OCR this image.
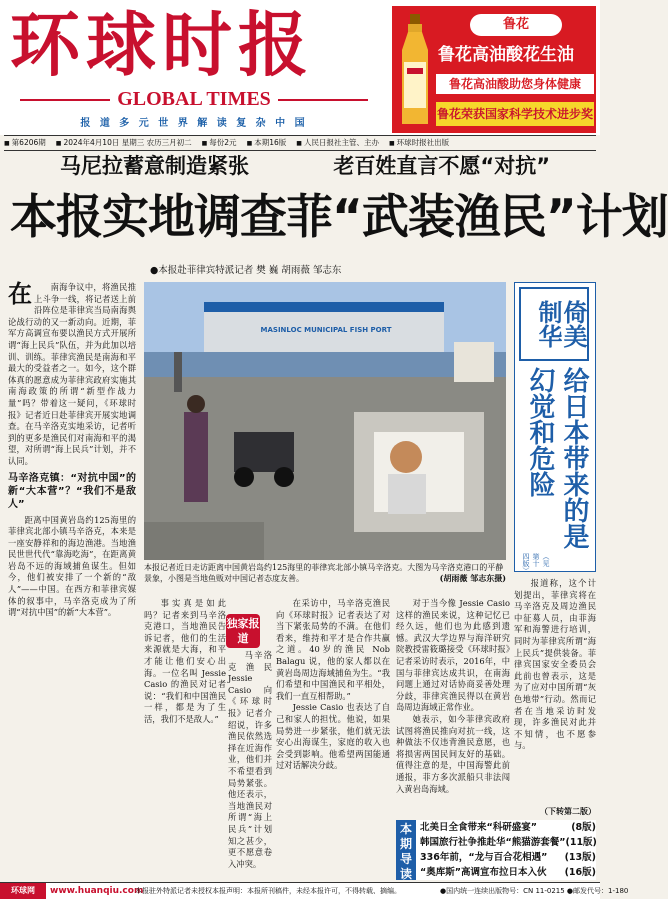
环球时报
GLOBAL TIMES
报 道 多 元 世 界 解 读 复 杂 中 国
鲁花
鲁花高油酸花生油
鲁花高油酸助您身体健康
鲁花荣获国家科学技术进步奖
■ 第6206期	■ 2024年4月10日 星期三 农历三月初二	■ 每份2元	■ 本期16版	■ 人民日报社主管、主办	■ 环球时报社出版
马尼拉蓄意制造紧张	老百姓直言不愿“对抗”
本报实地调查菲“武装渔民”计划
●本报赴菲律宾特派记者 樊 巍 胡雨薇 邹志东

在 南海争议中，将渔民推上斗争一线，将记者送上前沿阵位是菲律宾当局南海舆论战行动的又一新动向。近期，菲军方高调宣布要以渔民方式开展所谓“海上民兵”队伍，并为此加以培训、训练。菲律宾渔民是南海和平最大的受益者之一。如今，这个群体真的愿意成为菲律宾政府实施其南海政策的所谓“新型作战力量”吗？带着这一疑问，《环球时报》记者近日赴菲律宾开展实地调查。在马辛洛克实地采访，记者听到的更多是渔民们对南海和平的渴望，对所谓“海上民兵”计划，并不认同。

马辛洛克镇：“对抗中国”的新“大本营”？“我们不是敌人”

距离中国黄岩岛约125海里的菲律宾北部小镇马辛洛克，本来是一座安静祥和的海边渔港。当地渔民世世代代“靠海吃海”，在距离黄岩岛不远的海域捕鱼谋生。但如今，他们被安排了一个新的“敌人”——中国。在西方和菲律宾媒体的叙事中，马辛洛克成为了所谓“对抗中国”的新“大本营”。

MASINLOC MUNICIPAL FISH PORT
本报记者近日走访距离中国黄岩岛约125海里的菲律宾北部小镇马辛洛克。大图为马辛洛克港口的平静景象，小图是当地鱼贩对中国记者态度友善。	(胡雨薇 邹志东摄)
倚美制华
给日本带来的是幻觉和危险
（见第十四版）

事实真是如此吗？记者来到马辛洛克港口，当地渔民告诉记者，他们的生活来源就是大海，和平才能让他们安心出海。一位名叫 Jessie Casio 的渔民对记者说：“我们和中国渔民一样，都是为了生活，我们不是敌人。”

马辛洛克渔民 Jessie Casio 向《环球时报》记者介绍说，许多渔民依然选择在近海作业，他们并不希望看到局势紧张。他还表示，当地渔民对所谓“海上民兵”计划知之甚少，更不愿意卷入冲突。

独家报道

在采访中，马辛洛克渔民向《环球时报》记者表达了对当下紧张局势的不满。在他们看来，维持和平才是合作共赢之道。40岁的渔民 Nob Balagu 说，他的家人都以在黄岩岛周边海域捕鱼为生。“我们希望和中国渔民和平相处，我们一直互相帮助。”

Jessie Casio 也表达了自己和家人的担忧。他说，如果局势进一步紧张，他们就无法安心出海谋生，家庭的收入也会受到影响。他希望两国能通过对话解决分歧。

对于当今像 Jessie Casio 这样的渔民来说，这种记忆已经久远，他们也为此感到遗憾。武汉大学边界与海洋研究院教授雷筱璐接受《环球时报》记者采访时表示，2016年，中国与菲律宾达成共识，在南海问题上通过对话协商妥善处理分歧，菲律宾渔民得以在黄岩岛周边海域正常作业。

她表示，如今菲律宾政府试图将渔民推向对抗一线，这种做法不仅违背渔民意愿，也将损害两国民间友好的基础。值得注意的是，中国海警此前通报，菲方多次派船只非法闯入黄岩岛海域。

报道称，这个计划提出，菲律宾将在马辛洛克及周边渔民中征募人员，由菲海军和海警进行培训，同时为菲律宾所谓“海上民兵”提供装备。菲律宾国家安全委员会此前也曾表示，这是为了应对中国所谓“灰色地带”行动。然而记者在当地采访时发现，许多渔民对此并不知情，也不愿参与。

（下转第二版）

本期导读
北美日全食带来“科研盛宴”	(8版)
韩国旅行社争推赴华“熊猫游套餐” (11版)
336年前，“龙与百合花相遇” (13版)
“奥库斯”高调宣布拉日本入伙 (16版)
环球网	www.huanqiu.com
本报驻外特派记者未授权本报声明：本报所刊稿件，未经本报许可，不得转载、摘编。	●国内统一连续出版物号：CN 11-0215 ●邮发代号：1-180
